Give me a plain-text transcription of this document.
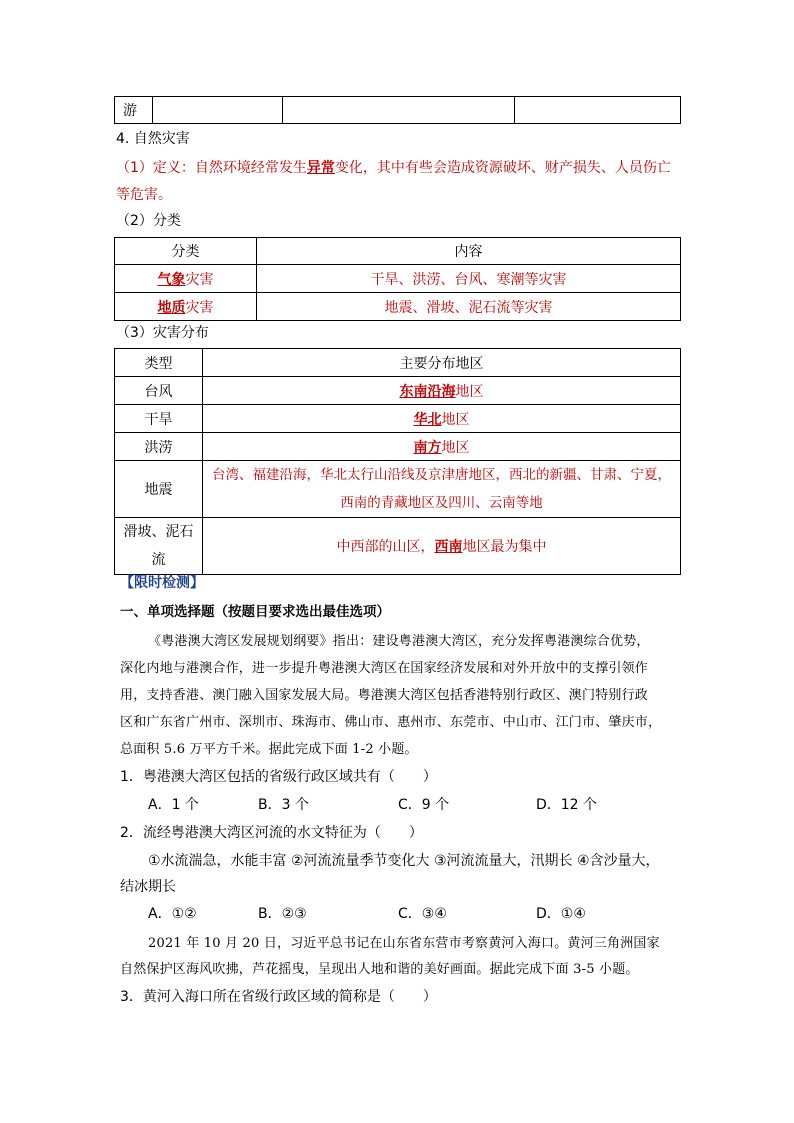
游			
4. 自然灾害
（1）定义：自然环境经常发生异常变化，其中有些会造成资源破坏、财产损失、人员伤亡
等危害。
（2）分类
分类	内容
气象灾害	干旱、洪涝、台风、寒潮等灾害
地质灾害	地震、滑坡、泥石流等灾害
（3）灾害分布
类型	主要分布地区
台风	东南沿海地区
干旱	华北地区
洪涝	南方地区
地震	台湾、福建沿海，华北太行山沿线及京津唐地区，西北的新疆、甘肃、宁夏，
西南的青藏地区及四川、云南等地

滑坡、泥石
流	中西部的山区，西南地区最为集中
【限时检测】
一、单项选择题（按题目要求选出最佳选项）
《粤港澳大湾区发展规划纲要》指出：建设粤港澳大湾区，充分发挥粤港澳综合优势，
深化内地与港澳合作，进一步提升粤港澳大湾区在国家经济发展和对外开放中的支撑引领作
用，支持香港、澳门融入国家发展大局。粤港澳大湾区包括香港特别行政区、澳门特别行政
区和广东省广州市、深圳市、珠海市、佛山市、惠州市、东莞市、中山市、江门市、肇庆市，
总面积 5.6 万平方千米。据此完成下面 1-2 小题。
1．粤港澳大湾区包括的省级行政区域共有（　　）
A．1 个	B．3 个	C．9 个	D．12 个
2．流经粤港澳大湾区河流的水文特征为（　　）
①水流湍急，水能丰富 ②河流流量季节变化大 ③河流流量大，汛期长 ④含沙量大，
结冰期长
A．①②	B．②③	C．③④	D．①④
2021 年 10 月 20 日，习近平总书记在山东省东营市考察黄河入海口。黄河三角洲国家
自然保护区海风吹拂，芦花摇曳，呈现出人地和谐的美好画面。据此完成下面 3-5 小题。
3．黄河入海口所在省级行政区域的简称是（　　）
